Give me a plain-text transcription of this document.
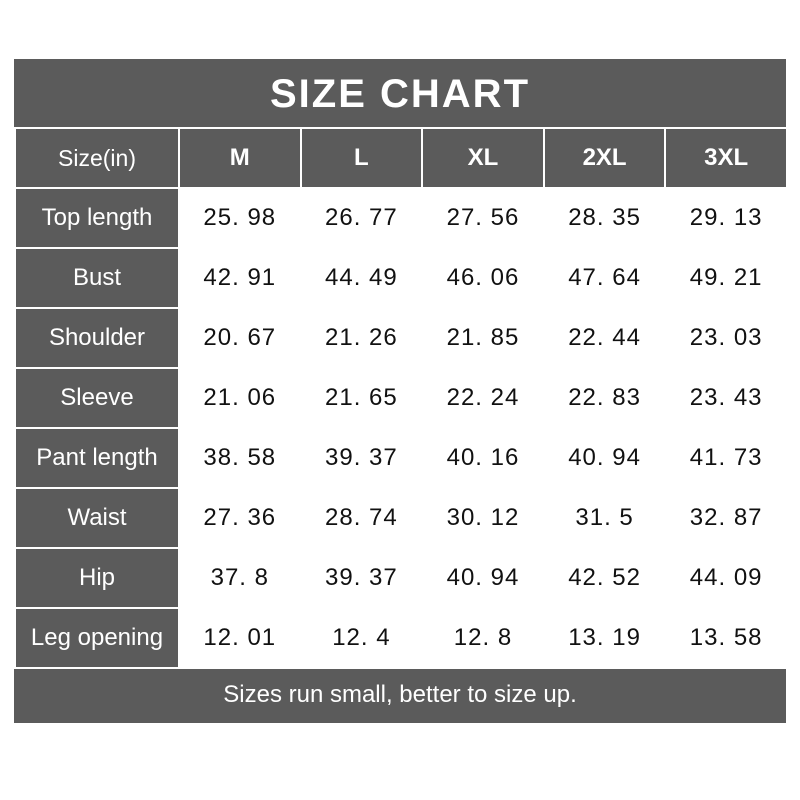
SIZE CHART
Size(in)	M	L	XL	2XL	3XL
Top length	25. 98	26. 77	27. 56	28. 35	29. 13
Bust	42. 91	44. 49	46. 06	47. 64	49. 21
Shoulder	20. 67	21. 26	21. 85	22. 44	23. 03
Sleeve	21. 06	21. 65	22. 24	22. 83	23. 43
Pant length	38. 58	39. 37	40. 16	40. 94	41. 73
Waist	27. 36	28. 74	30. 12	31. 5	32. 87
Hip	37. 8	39. 37	40. 94	42. 52	44. 09
Leg opening	12. 01	12. 4	12. 8	13. 19	13. 58
Sizes run small, better to size up.
